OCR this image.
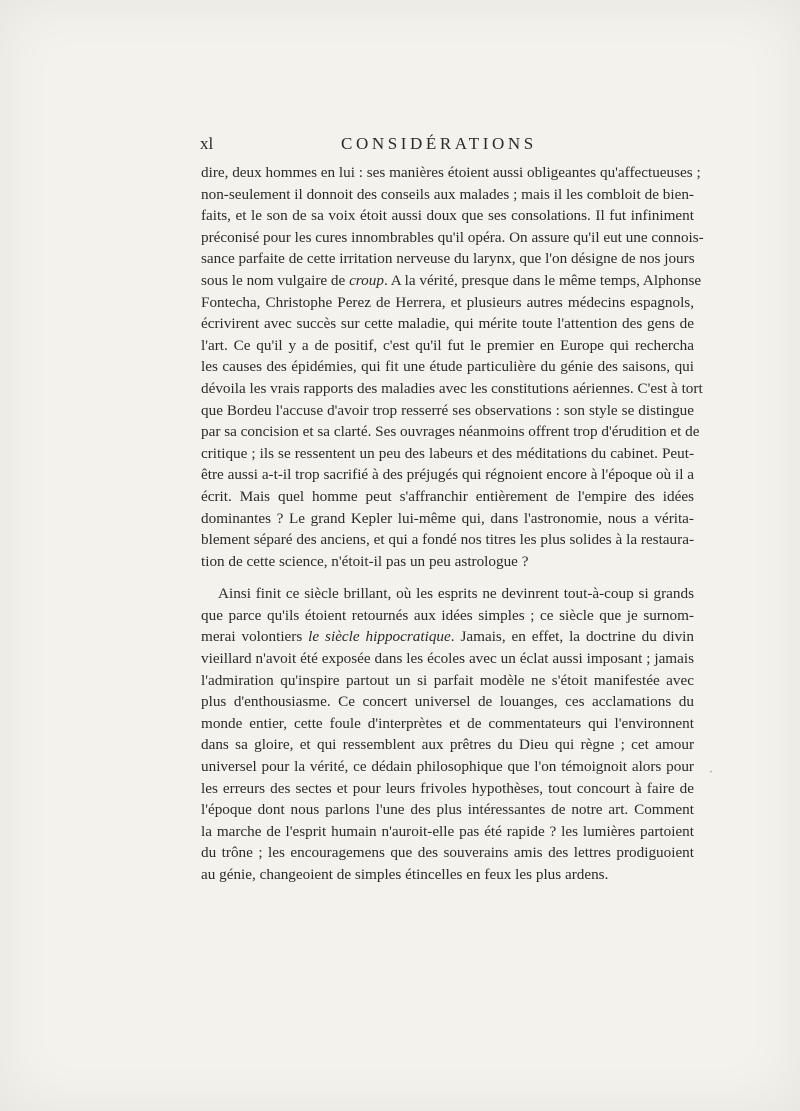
xl	CONSIDÉRATIONS
dire, deux hommes en lui : ses manières étoient aussi obligeantes qu'affectueuses ;
non-seulement il donnoit des conseils aux malades ; mais il les combloit de bien-
faits, et le son de sa voix étoit aussi doux que ses consolations. Il fut infiniment
préconisé pour les cures innombrables qu'il opéra. On assure qu'il eut une connois-
sance parfaite de cette irritation nerveuse du larynx, que l'on désigne de nos jours
sous le nom vulgaire de croup. A la vérité, presque dans le même temps, Alphonse
Fontecha, Christophe Perez de Herrera, et plusieurs autres médecins espagnols,
écrivirent avec succès sur cette maladie, qui mérite toute l'attention des gens de
l'art. Ce qu'il y a de positif, c'est qu'il fut le premier en Europe qui rechercha
les causes des épidémies, qui fit une étude particulière du génie des saisons, qui
dévoila les vrais rapports des maladies avec les constitutions aériennes. C'est à tort
que Bordeu l'accuse d'avoir trop resserré ses observations : son style se distingue
par sa concision et sa clarté. Ses ouvrages néanmoins offrent trop d'érudition et de
critique ; ils se ressentent un peu des labeurs et des méditations du cabinet. Peut-
être aussi a-t-il trop sacrifié à des préjugés qui régnoient encore à l'époque où il a
écrit. Mais quel homme peut s'affranchir entièrement de l'empire des idées
dominantes ? Le grand Kepler lui-même qui, dans l'astronomie, nous a vérita-
blement séparé des anciens, et qui a fondé nos titres les plus solides à la restaura-
tion de cette science, n'étoit-il pas un peu astrologue ?
Ainsi finit ce siècle brillant, où les esprits ne devinrent tout-à-coup si grands
que parce qu'ils étoient retournés aux idées simples ; ce siècle que je surnom-
merai volontiers le siècle hippocratique. Jamais, en effet, la doctrine du divin
vieillard n'avoit été exposée dans les écoles avec un éclat aussi imposant ; jamais
l'admiration qu'inspire partout un si parfait modèle ne s'étoit manifestée avec
plus d'enthousiasme. Ce concert universel de louanges, ces acclamations du
monde entier, cette foule d'interprètes et de commentateurs qui l'environnent
dans sa gloire, et qui ressemblent aux prêtres du Dieu qui règne ; cet amour
universel pour la vérité, ce dédain philosophique que l'on témoignoit alors pour
les erreurs des sectes et pour leurs frivoles hypothèses, tout concourt à faire de
l'époque dont nous parlons l'une des plus intéressantes de notre art. Comment
la marche de l'esprit humain n'auroit-elle pas été rapide ? les lumières partoient
du trône ; les encouragemens que des souverains amis des lettres prodiguoient
au génie, changeoient de simples étincelles en feux les plus ardens.
ˏ
